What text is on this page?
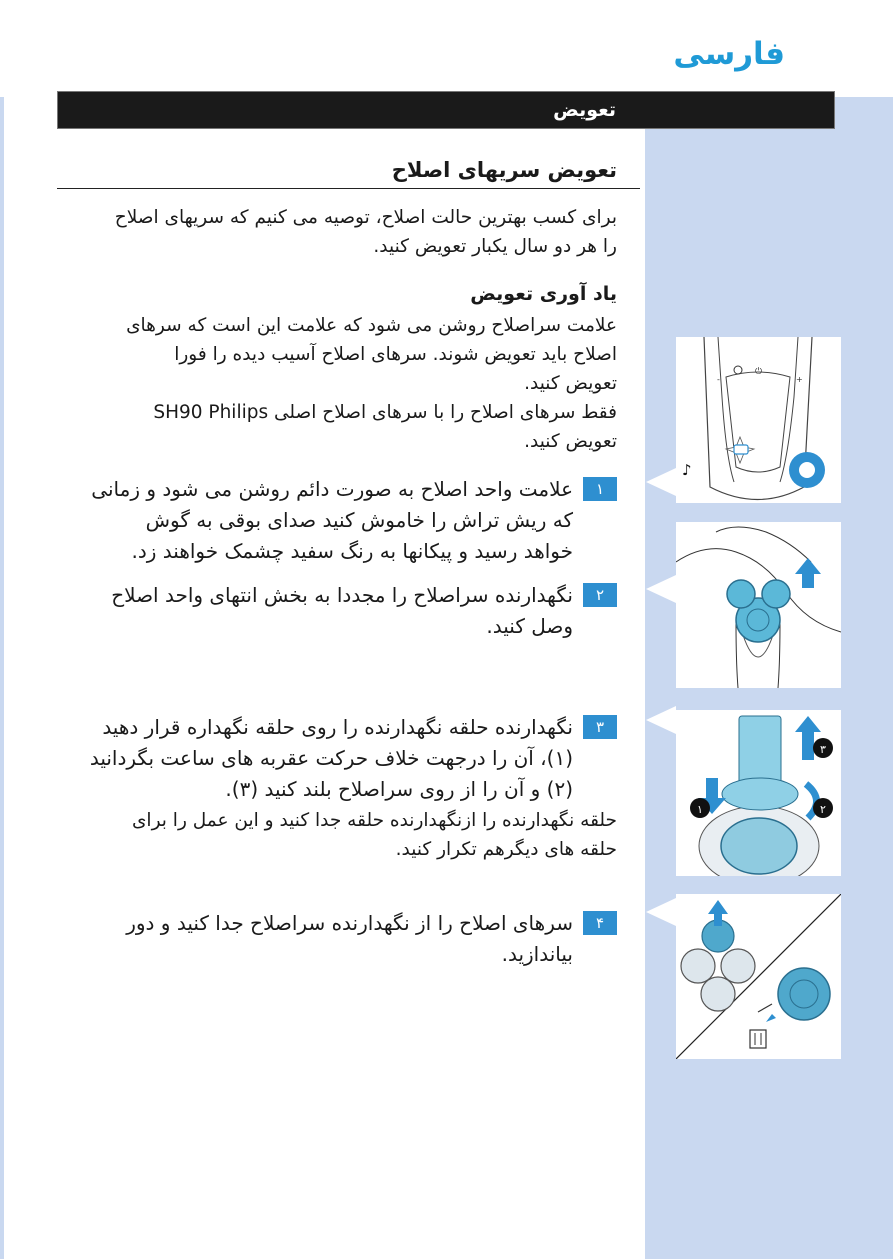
فارسی
تعویض
تعویض سریهای اصلاح
برای کسب بهترین حالت اصلاح، توصیه می کنیم که سریهای اصلاح
را هر دو سال یکبار تعویض کنید.
یاد آوری تعویض
علامت سراصلاح روشن می شود که علامت این است که سرهای
اصلاح باید تعویض شوند. سرهای اصلاح آسیب دیده را فورا
تعویض کنید.
فقط سرهای اصلاح را با سرهای اصلاح اصلی SH90 Philips
تعویض کنید.
۱
علامت واحد اصلاح به صورت دائم روشن می شود و زمانی
که ریش تراش را خاموش کنید صدای بوقی به گوش
خواهد رسید و پیکانها به رنگ سفید چشمک خواهند زد.
۲
نگهدارنده سراصلاح را مجددا به بخش انتهای واحد اصلاح
وصل کنید.
۳
نگهدارنده حلقه نگهدارنده را روی حلقه نگهداره قرار دهید
(۱)، آن را درجهت خلاف حرکت عقربه های ساعت بگردانید
(۲) و آن را از روی سراصلاح بلند کنید (۳).
حلقه نگهدارنده را ازنگهدارنده حلقه جدا کنید و این عمل را برای
حلقه های دیگرهم تکرار کنید.
۴
سرهای اصلاح را از نگهدارنده سراصلاح جدا کنید و دور
بیاندازید.
-
⏻
+
♪
۱	۲
۳
